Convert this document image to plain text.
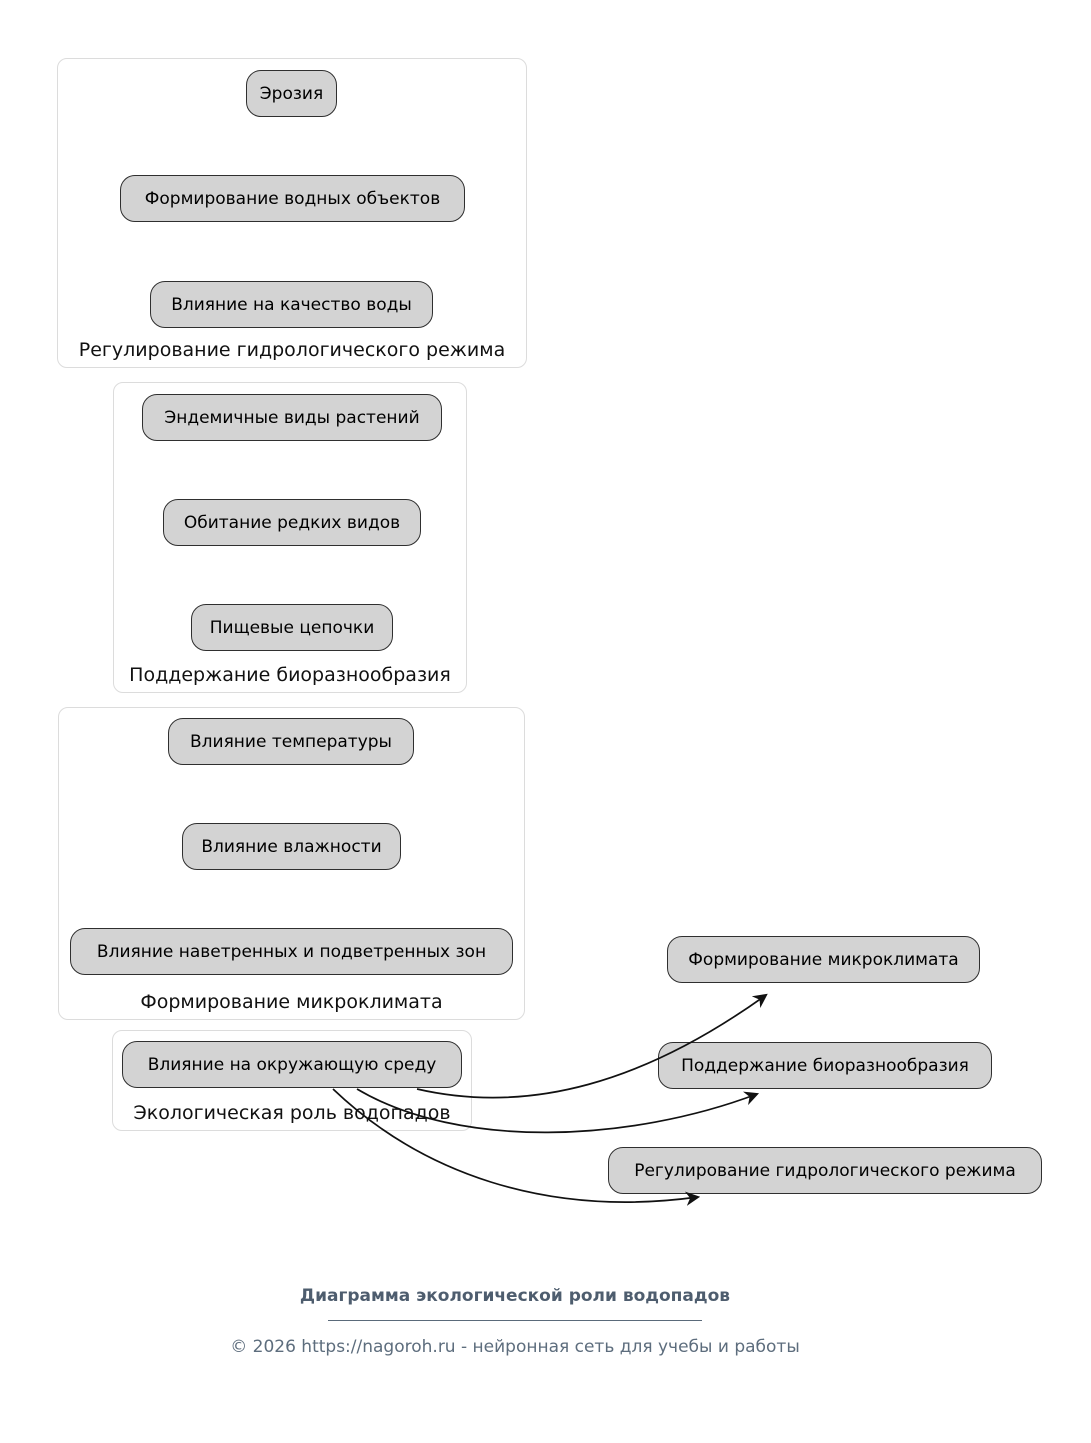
Регулирование гидрологического режима
Эрозия
Формирование водных объектов
Влияние на качество воды
Поддержание биоразнообразия
Эндемичные виды растений
Обитание редких видов
Пищевые цепочки
Формирование микроклимата
Влияние температуры
Влияние влажности
Влияние наветренных и подветренных зон
Экологическая роль водопадов
Влияние на окружающую среду
Формирование микроклимата
Поддержание биоразнообразия
Регулирование гидрологического режима
Диаграмма экологической роли водопадов
© 2026 https://nagoroh.ru - нейронная сеть для учебы и работы
